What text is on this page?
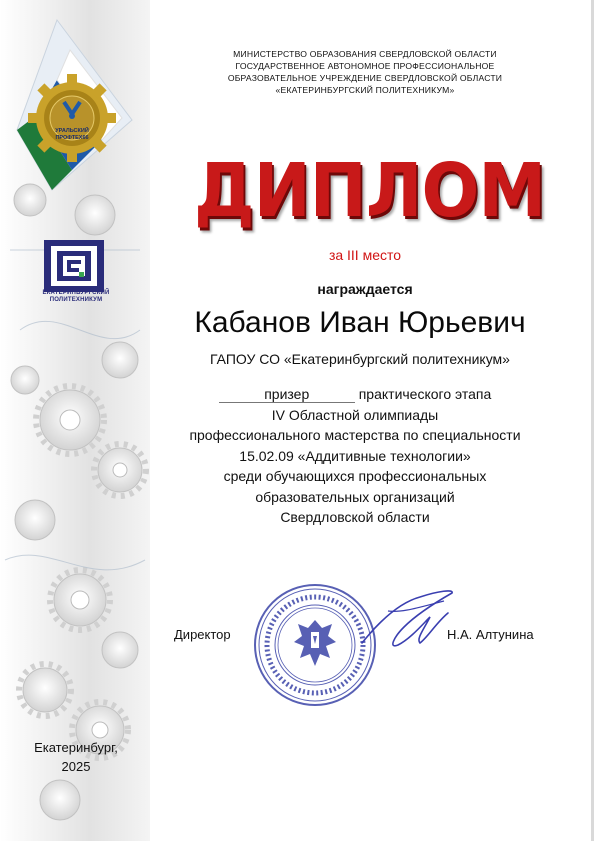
УРАЛЬСКИЙ
ПРОФТЕХ66
ЕКАТЕРИНБУРГСКИЙ
ПОЛИТЕХНИКУМ
МИНИСТЕРСТВО ОБРАЗОВАНИЯ СВЕРДЛОВСКОЙ ОБЛАСТИ
ГОСУДАРСТВЕННОЕ АВТОНОМНОЕ ПРОФЕССИОНАЛЬНОЕ
ОБРАЗОВАТЕЛЬНОЕ УЧРЕЖДЕНИЕ СВЕРДЛОВСКОЙ ОБЛАСТИ
«ЕКАТЕРИНБУРГСКИЙ ПОЛИТЕХНИКУМ»
ДИПЛОМ
за III место
награждается
Кабанов Иван Юрьевич
ГАПОУ СО «Екатеринбургский политехникум»
призер	практического этапа
IV Областной олимпиады
профессионального мастерства по специальности
15.02.09 «Аддитивные технологии»
среди обучающихся профессиональных
образовательных организаций
Свердловской области
Директор	Н.А. Алтунина
Екатеринбург,
2025
